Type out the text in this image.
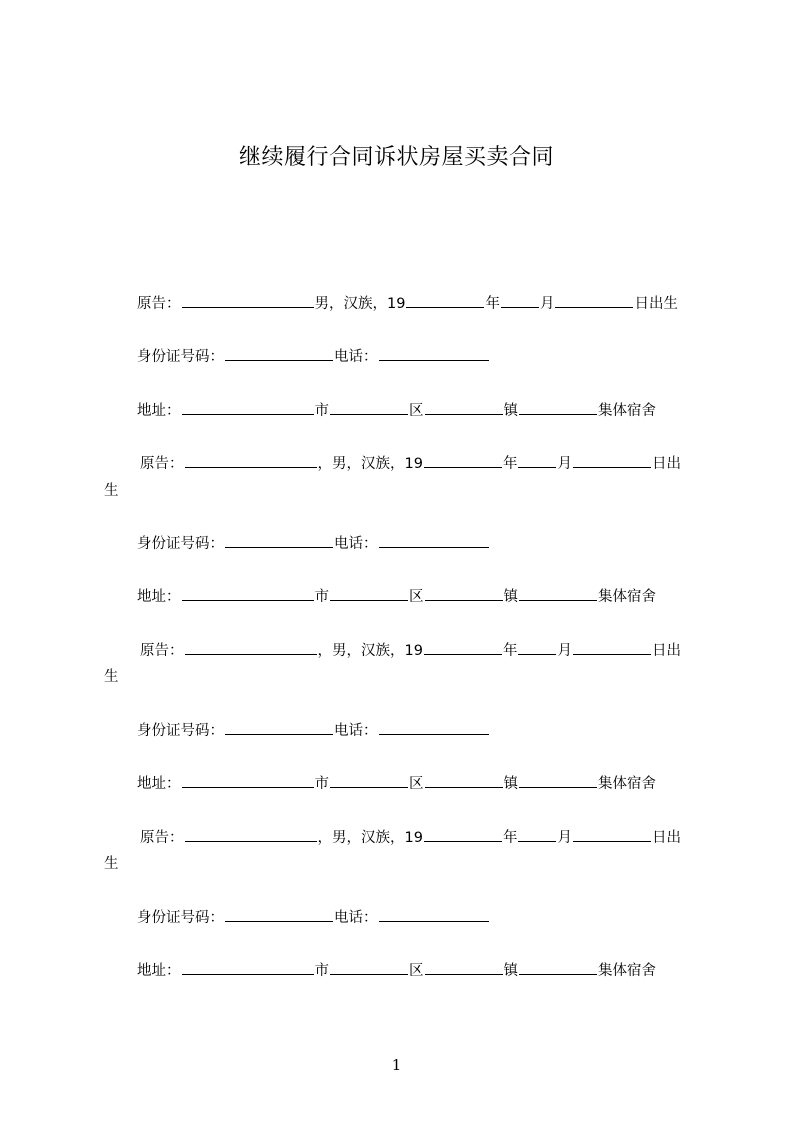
继续履行合同诉状房屋买卖合同
原告：	男，汉族，19	年	月	日出生
身份证号码：	电话：
地址：	市	区	镇	集体宿舍
原告：	，男，汉族，19	年	月	日出
生
身份证号码：	电话：
地址：	市	区	镇	集体宿舍
原告：	，男，汉族，19	年	月	日出
生
身份证号码：	电话：
地址：	市	区	镇	集体宿舍
原告：	，男，汉族，19	年	月	日出
生
身份证号码：	电话：
地址：	市	区	镇	集体宿舍
1
